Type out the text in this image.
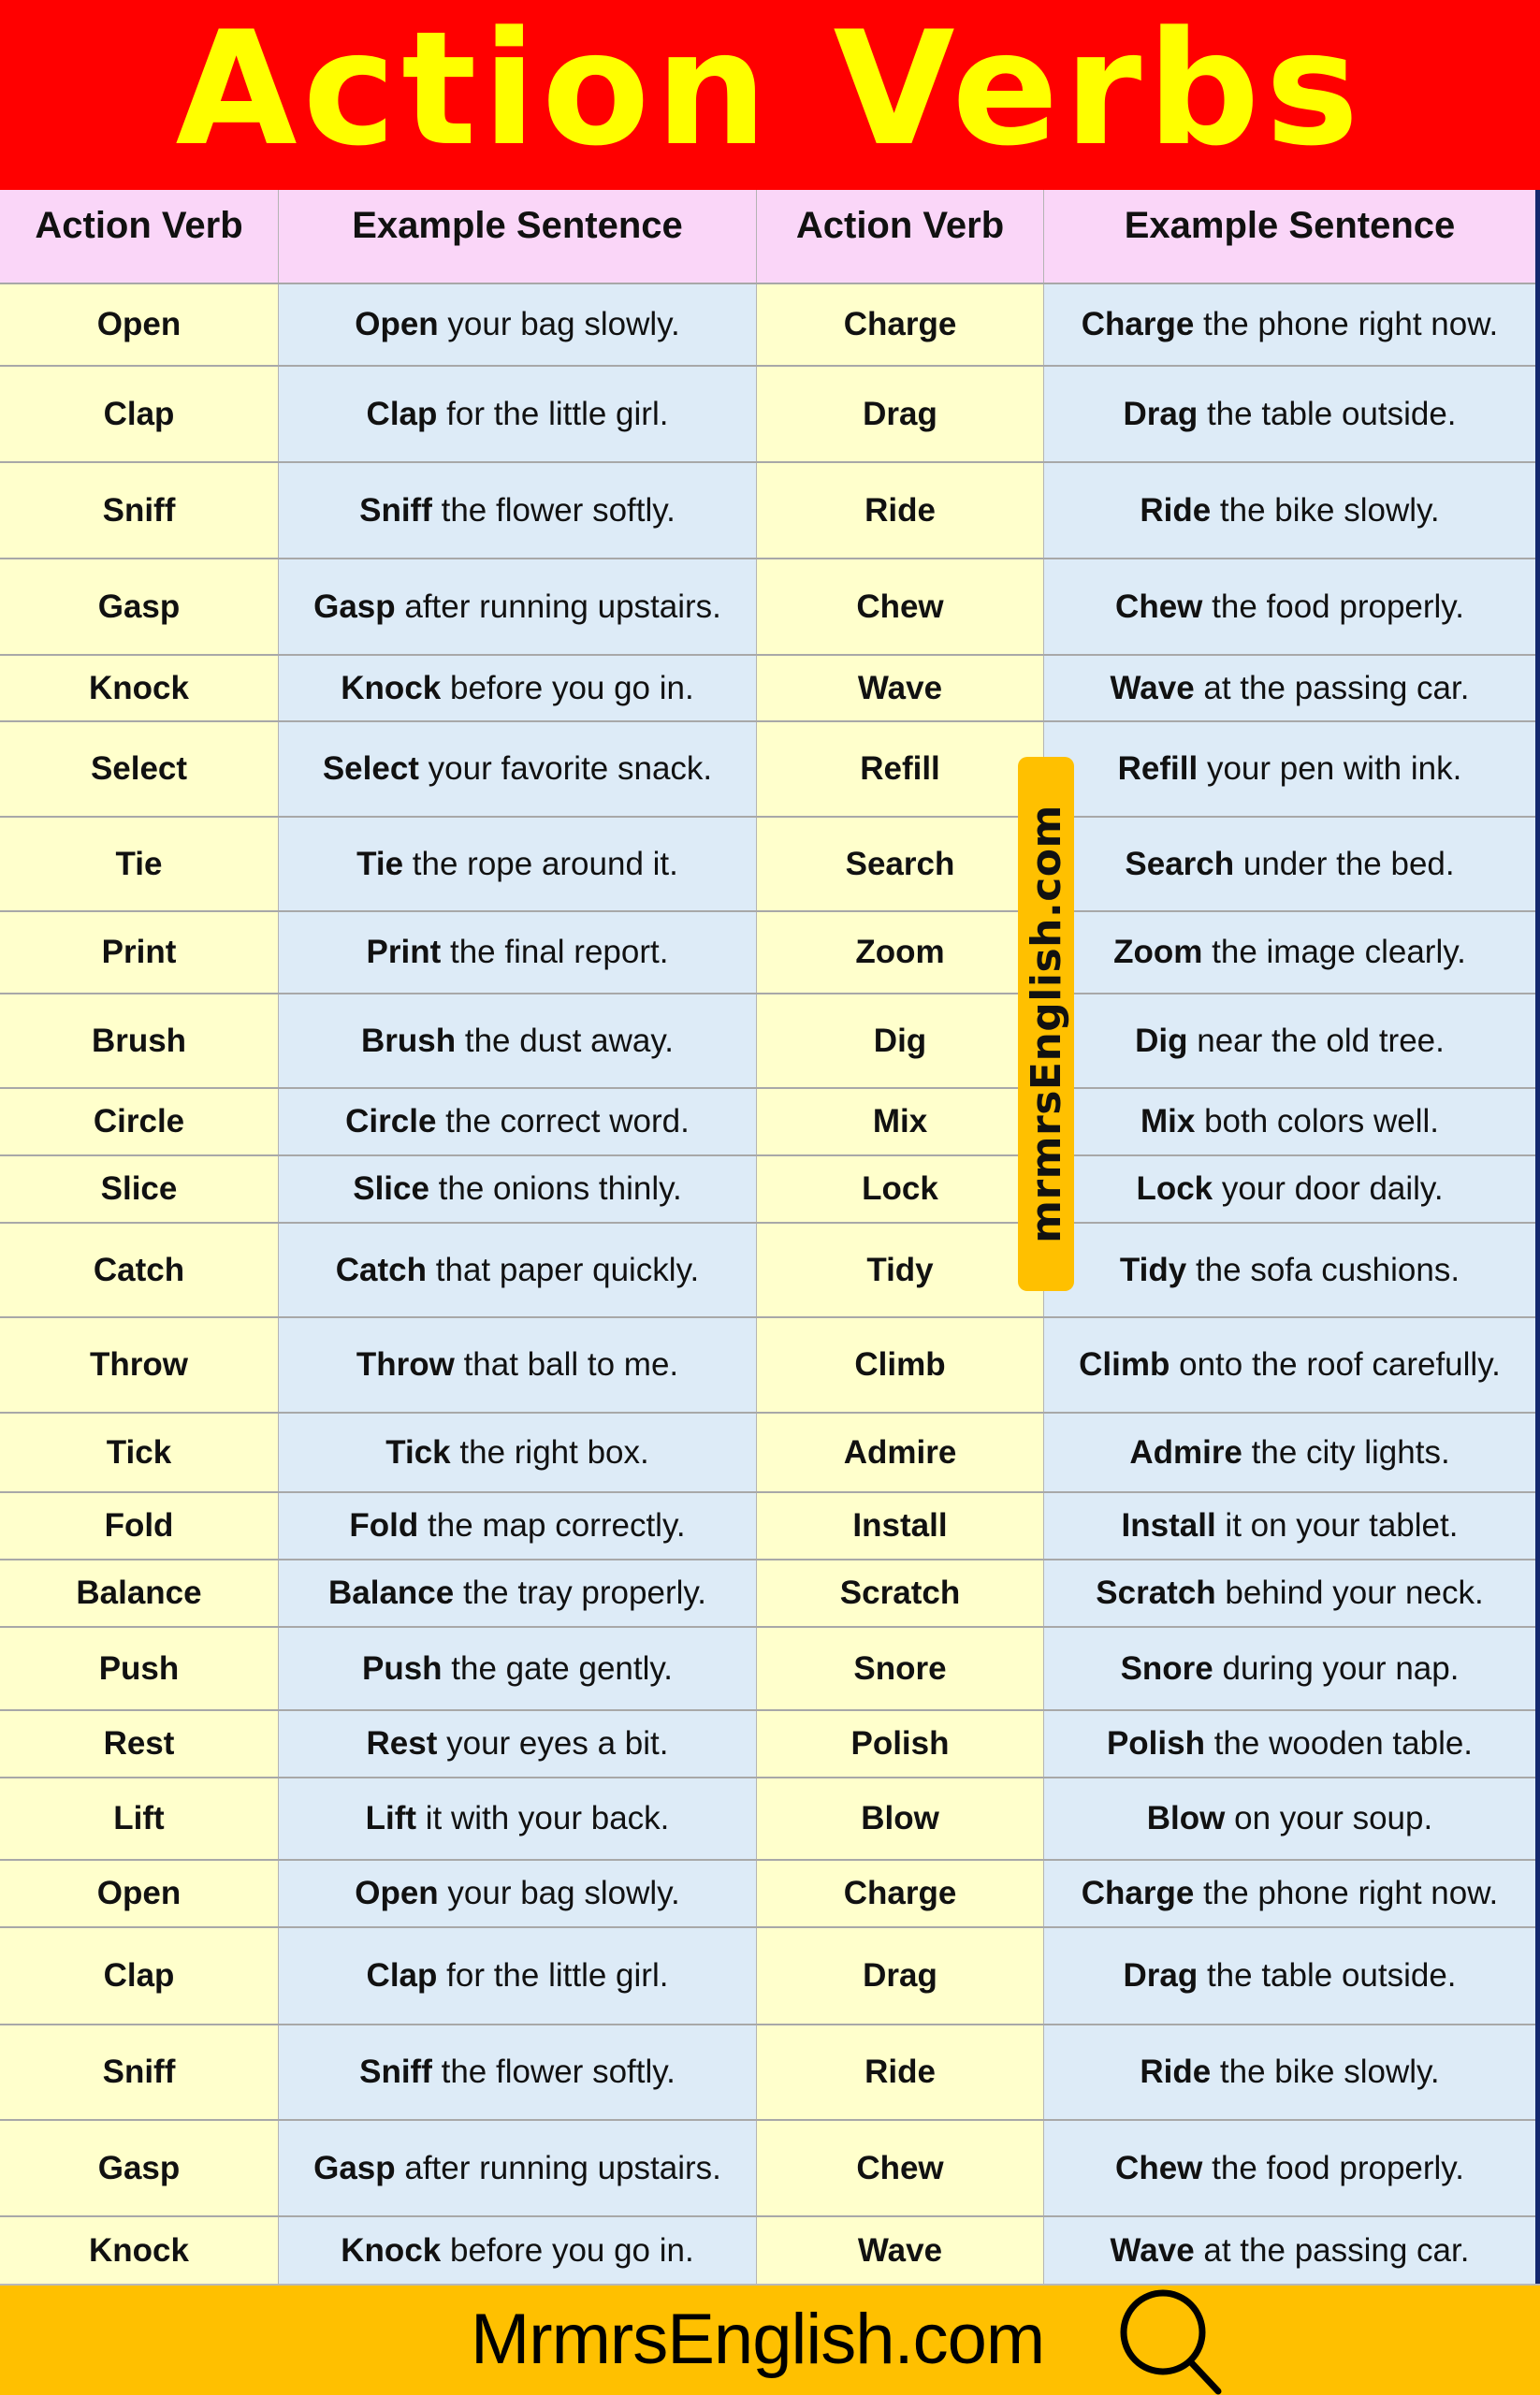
Action Verbs
Action Verb	Example Sentence	Action Verb	Example Sentence
Open	Open your bag slowly.	Charge	Charge the phone right now.
Clap	Clap for the little girl.	Drag	Drag the table outside.
Sniff	Sniff the flower softly.	Ride	Ride the bike slowly.
Gasp	Gasp after running upstairs.	Chew	Chew the food properly.
Knock	Knock before you go in.	Wave	Wave at the passing car.
Select	Select your favorite snack.	Refill	Refill your pen with ink.
Tie	Tie the rope around it.	Search	Search under the bed.
Print	Print the final report.	Zoom	Zoom the image clearly.
Brush	Brush the dust away.	Dig	Dig near the old tree.
Circle	Circle the correct word.	Mix	Mix both colors well.
Slice	Slice the onions thinly.	Lock	Lock your door daily.
Catch	Catch that paper quickly.	Tidy	Tidy the sofa cushions.
Throw	Throw that ball to me.	Climb	Climb onto the roof carefully.
Tick	Tick the right box.	Admire	Admire the city lights.
Fold	Fold the map correctly.	Install	Install it on your tablet.
Balance	Balance the tray properly.	Scratch	Scratch behind your neck.
Push	Push the gate gently.	Snore	Snore during your nap.
Rest	Rest your eyes a bit.	Polish	Polish the wooden table.
Lift	Lift it with your back.	Blow	Blow on your soup.
Open	Open your bag slowly.	Charge	Charge the phone right now.
Clap	Clap for the little girl.	Drag	Drag the table outside.
Sniff	Sniff the flower softly.	Ride	Ride the bike slowly.
Gasp	Gasp after running upstairs.	Chew	Chew the food properly.
Knock	Knock before you go in.	Wave	Wave at the passing car.
mrmrsEnglish.com
MrmrsEnglish.com
